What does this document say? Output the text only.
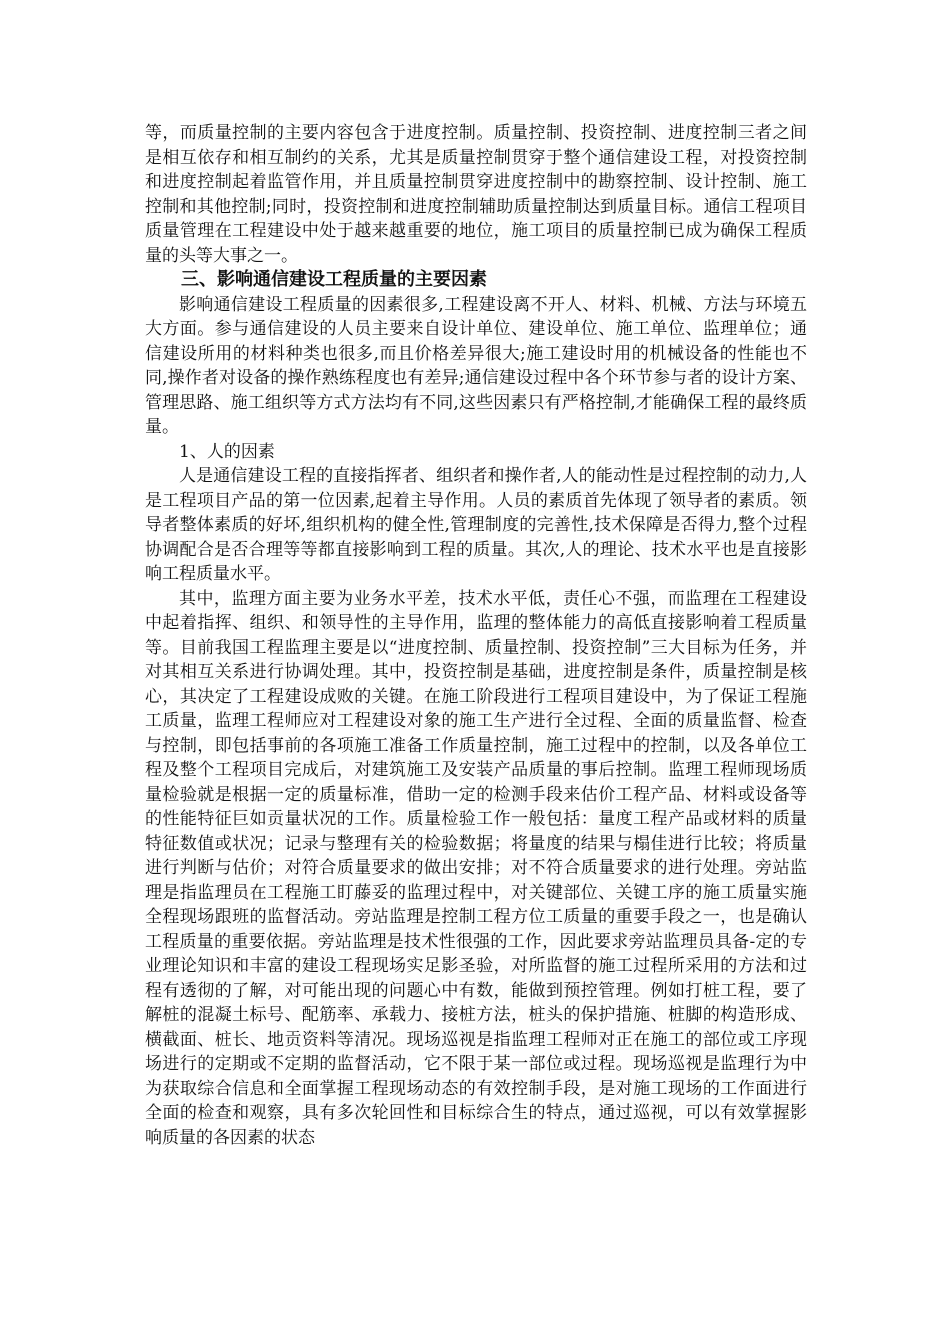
等，而质量控制的主要内容包含于进度控制。质量控制、投资控制、进度控制三者之间是相互依存和相互制约的关系，尤其是质量控制贯穿于整个通信建设工程，对投资控制和进度控制起着监管作用，并且质量控制贯穿进度控制中的勘察控制、设计控制、施工控制和其他控制;同时，投资控制和进度控制辅助质量控制达到质量目标。通信工程项目质量管理在工程建设中处于越来越重要的地位，施工项目的质量控制已成为确保工程质量的头等大事之一。

三、影响通信建设工程质量的主要因素

影响通信建设工程质量的因素很多,工程建设离不开人、材料、机械、方法与环境五大方面。参与通信建设的人员主要来自设计单位、建设单位、施工单位、监理单位；通信建设所用的材料种类也很多,而且价格差异很大;施工建设时用的机械设备的性能也不同,操作者对设备的操作熟练程度也有差异;通信建设过程中各个环节参与者的设计方案、管理思路、施工组织等方式方法均有不同,这些因素只有严格控制,才能确保工程的最终质量。

1、人的因素

人是通信建设工程的直接指挥者、组织者和操作者,人的能动性是过程控制的动力,人是工程项目产品的第一位因素,起着主导作用。人员的素质首先体现了领导者的素质。领导者整体素质的好坏,组织机构的健全性,管理制度的完善性,技术保障是否得力,整个过程协调配合是否合理等等都直接影响到工程的质量。其次,人的理论、技术水平也是直接影响工程质量水平。

其中，监理方面主要为业务水平差，技术水平低，责任心不强，而监理在工程建设中起着指挥、组织、和领导性的主导作用，监理的整体能力的高低直接影响着工程质量等。目前我国工程监理主要是以“进度控制、质量控制、投资控制”三大目标为任务，并对其相互关系进行协调处理。其中，投资控制是基础，进度控制是条件，质量控制是核心，其决定了工程建设成败的关键。在施工阶段进行工程项目建设中，为了保证工程施工质量，监理工程师应对工程建设对象的施工生产进行全过程、全面的质量监督、检查与控制，即包括事前的各项施工准备工作质量控制，施工过程中的控制，以及各单位工程及整个工程项目完成后，对建筑施工及安装产品质量的事后控制。监理工程师现场质量检验就是根据一定的质量标准，借助一定的检测手段来估价工程产品、材料或设备等的性能特征巨如贡量状况的工作。质量检验工作一般包括：量度工程产品或材料的质量特征数值或状况；记录与整理有关的检验数据；将量度的结果与榻佳进行比较；将质量进行判断与估价；对符合质量要求的做出安排；对不符合质量要求的进行处理。旁站监理是指监理员在工程施工盯藤妥的监理过程中，对关键部位、关键工序的施工质量实施全程现场跟班的监督活动。旁站监理是控制工程方位工质量的重要手段之一，也是确认工程质量的重要依据。旁站监理是技术性很强的工作，因此要求旁站监理员具备-定的专业理论知识和丰富的建设工程现场实足影圣验，对所监督的施工过程所采用的方法和过程有透彻的了解，对可能出现的问题心中有数，能做到预控管理。例如打桩工程，要了解桩的混凝土标号、配筋率、承载力、接桩方法，桩头的保护措施、桩脚的构造形成、横截面、桩长、地贡资料等清况。现场巡视是指监理工程师对正在施工的部位或工序现场进行的定期或不定期的监督活动，它不限于某一部位或过程。现场巡视是监理行为中为获取综合信息和全面掌握工程现场动态的有效控制手段，是对施工现场的工作面进行全面的检查和观察，具有多次轮回性和目标综合生的特点，通过巡视，可以有效掌握影响质量的各因素的状态
